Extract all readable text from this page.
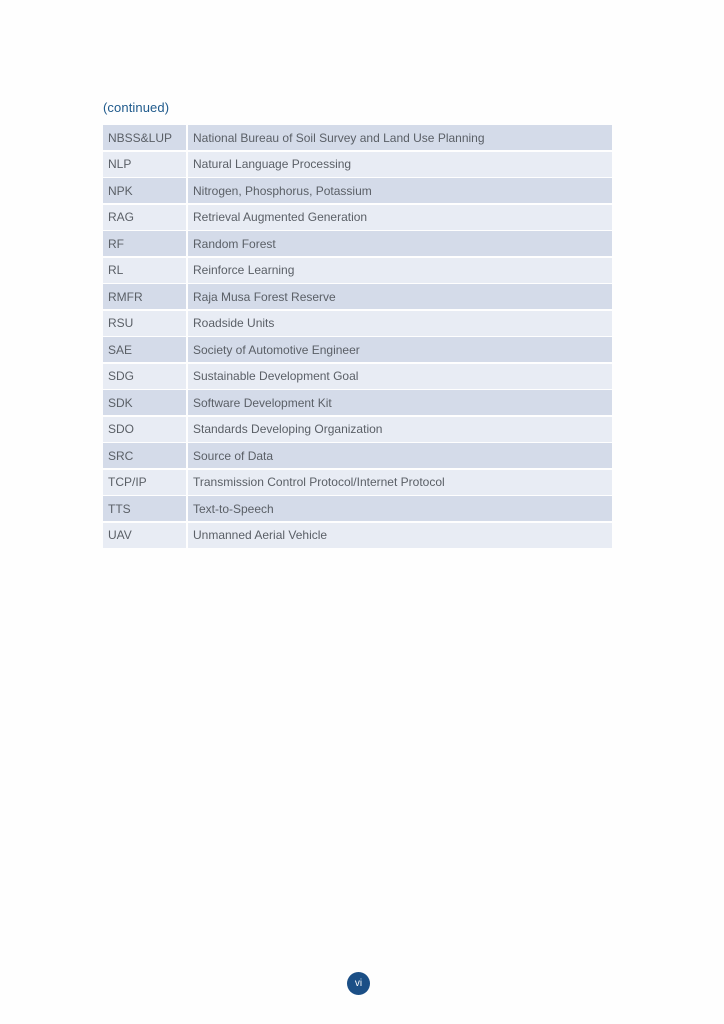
(continued)
NBSS&LUP	National Bureau of Soil Survey and Land Use Planning
NLP	Natural Language Processing
NPK	Nitrogen, Phosphorus, Potassium
RAG	Retrieval Augmented Generation
RF	Random Forest
RL	Reinforce Learning
RMFR	Raja Musa Forest Reserve
RSU	Roadside Units
SAE	Society of Automotive Engineer
SDG	Sustainable Development Goal
SDK	Software Development Kit
SDO	Standards Developing Organization
SRC	Source of Data
TCP/IP	Transmission Control Protocol/Internet Protocol
TTS	Text-to-Speech
UAV	Unmanned Aerial Vehicle
vi
